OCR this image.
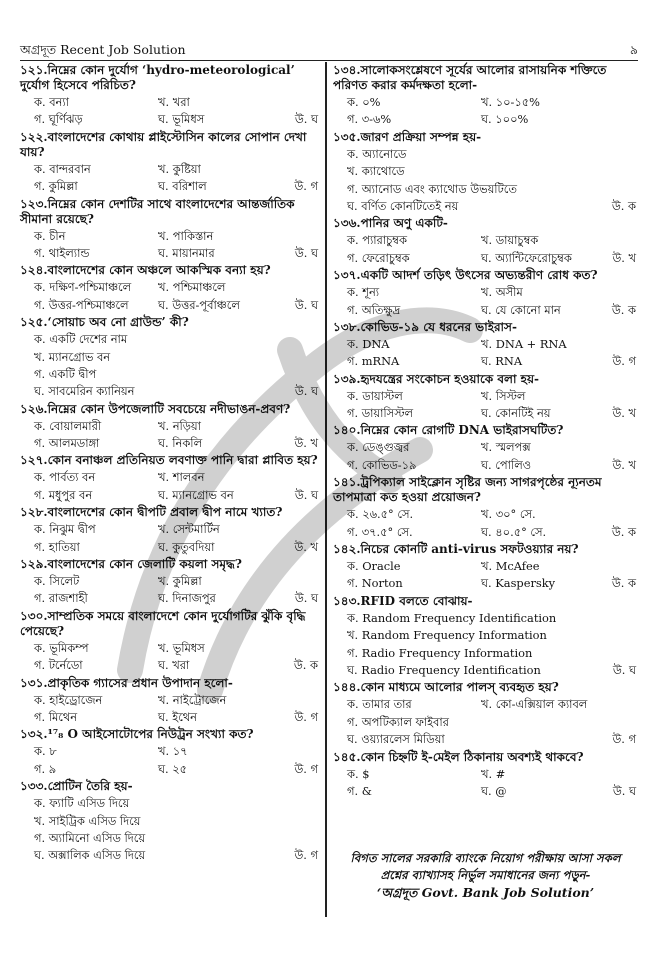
অগ্রদূত Recent Job Solution	৯
১২১.নিম্নের কোন দুর্যোগ ‘hydro-meteorological’ দুর্যোগ হিসেবে পরিচিত?
ক. বন্যা	খ. খরা
গ. ঘূর্ণিঝড়	ঘ. ভূমিধস	উ. ঘ
১২২.বাংলাদেশের কোথায় প্লাইস্টোসিন কালের সোপান দেখা যায়?
ক. বান্দরবান	খ. কুষ্টিয়া
গ. কুমিল্লা	ঘ. বরিশাল	উ. গ
১২৩.নিম্নের কোন দেশটির সাথে বাংলাদেশের আন্তর্জাতিক সীমানা রয়েছে?
ক. চীন	খ. পাকিস্তান
গ. থাইল্যান্ড	ঘ. মায়ানমার	উ. ঘ
১২৪.বাংলাদেশের কোন অঞ্চলে আকস্মিক বন্যা হয়?
ক. দক্ষিণ-পশ্চিমাঞ্চলে খ. পশ্চিমাঞ্চলে
গ. উত্তর-পশ্চিমাঞ্চলে	ঘ. উত্তর-পূর্বাঞ্চলে	উ. ঘ
১২৫.‘সোয়াচ অব নো গ্রাউন্ড’ কী?
ক. একটি দেশের নাম
খ. ম্যানগ্রোভ বন
গ. একটি দ্বীপ
ঘ. সাবমেরিন ক্যানিয়ন	উ. ঘ
১২৬.নিম্নের কোন উপজেলাটি সবচেয়ে নদীভাঙন-প্রবণ?
ক. বোয়ালমারী	খ. নড়িয়া
গ. আলমডাঙ্গা	ঘ. নিকলি	উ. খ
১২৭.কোন বনাঞ্চল প্রতিনিয়ত লবণাক্ত পানি দ্বারা প্লাবিত হয়?
ক. পার্বত্য বন	খ. শালবন
গ. মধুপুর বন	ঘ. ম্যানগ্রোভ বন	উ. ঘ
১২৮.বাংলাদেশের কোন দ্বীপটি প্রবাল দ্বীপ নামে খ্যাত?
ক. নিঝুম দ্বীপ	খ. সেন্টমার্টিন
গ. হাতিয়া	ঘ. কুতুবদিয়া	উ. খ
১২৯.বাংলাদেশের কোন জেলাটি কয়লা সমৃদ্ধ?
ক. সিলেট	খ. কুমিল্লা
গ. রাজশাহী	ঘ. দিনাজপুর	উ. ঘ
১৩০.সাম্প্রতিক সময়ে বাংলাদেশে কোন দুর্যোগটির ঝুঁকি বৃদ্ধি পেয়েছে?
ক. ভূমিকম্প	খ. ভূমিধস
গ. টর্নেডো	ঘ. খরা	উ. ক
১৩১.প্রাকৃতিক গ্যাসের প্রধান উপাদান হলো-
ক. হাইড্রোজেন	খ. নাইট্রোজেন
গ. মিথেন	ঘ. ইথেন	উ. গ
১৩২.¹⁷₈ O আইসোটোপের নিউট্রন সংখ্যা কত?
ক. ৮	খ. ১৭
গ. ৯	ঘ. ২৫	উ. গ
১৩৩.প্রোটিন তৈরি হয়-
ক. ফ্যাটি এসিড দিয়ে
খ. সাইট্রিক এসিড দিয়ে
গ. অ্যামিনো এসিড দিয়ে
ঘ. অক্সালিক এসিড দিয়ে	উ. গ
১৩৪.সালোকসংশ্লেষণে সূর্যের আলোর রাসায়নিক শক্তিতে পরিণত করার কর্মদক্ষতা হলো-
ক. ০%	খ. ১০-১৫%
গ. ৩-৬%	ঘ. ১০০%
১৩৫.জারণ প্রক্রিয়া সম্পন্ন হয়-
ক. অ্যানোডে
খ. ক্যাথোডে
গ. অ্যানোড এবং ক্যাথোড উভয়টিতে
ঘ. বর্ণিত কোনটিতেই নয়	উ. ক
১৩৬.পানির অণু একটি-
ক. প্যারাচুম্বক	খ. ডায়াচুম্বক
গ. ফেরোচুম্বক	ঘ. অ্যান্টিফেরোচুম্বক	উ. খ
১৩৭.একটি আদর্শ তড়িৎ উৎসের অভ্যন্তরীণ রোধ কত?
ক. শূন্য	খ. অসীম
গ. অতিক্ষুদ্র	ঘ. যে কোনো মান	উ. ক
১৩৮.কোভিড-১৯ যে ধরনের ভাইরাস-
ক. DNA	খ. DNA + RNA
গ. mRNA	ঘ. RNA	উ. গ
১৩৯.হৃদযন্ত্রের সংকোচন হওয়াকে বলা হয়-
ক. ডায়াস্টল	খ. সিস্টল
গ. ডায়াসিস্টল	ঘ. কোনটিই নয়	উ. খ
১৪০.নিম্নের কোন রোগটি DNA ভাইরাসঘটিত?
ক. ডেঙ্গুজ্বর	খ. স্মলপক্স
গ. কোভিড-১৯	ঘ. পোলিও	উ. খ
১৪১.ট্রপিক্যাল সাইক্লোন সৃষ্টির জন্য সাগরপৃষ্ঠের ন্যূনতম তাপমাত্রা কত হওয়া প্রয়োজন?
ক. ২৬.৫° সে.	খ. ৩০° সে.
গ. ৩৭.৫° সে.	ঘ. ৪০.৫° সে.	উ. ক
১৪২.নিচের কোনটি anti-virus সফটওয়্যার নয়?
ক. Oracle	খ. McAfee
গ. Norton	ঘ. Kaspersky	উ. ক
১৪৩.RFID বলতে বোঝায়-
ক. Random Frequency Identification
খ. Random Frequency Information
গ. Radio Frequency Information
ঘ. Radio Frequency Identification	উ. ঘ
১৪৪.কোন মাধ্যমে আলোর পালস্‌ ব্যবহৃত হয়?
ক. তামার তার	খ. কো-এক্সিয়াল ক্যাবল
গ. অপটিক্যাল ফাইবার
ঘ. ওয়্যারলেস মিডিয়া	উ. গ
১৪৫.কোন চিহ্নটি ই-মেইল ঠিকানায় অবশ্যই থাকবে?
ক. $	খ. #
গ. &	ঘ. @	উ. ঘ
বিগত সালের সরকারি ব্যাংকে নিয়োগ পরীক্ষায় আসা সকল
প্রশ্নের ব্যাখ্যাসহ নির্ভুল সমাধানের জন্য পড়ুন-
‘অগ্রদূত Govt. Bank Job Solution’
